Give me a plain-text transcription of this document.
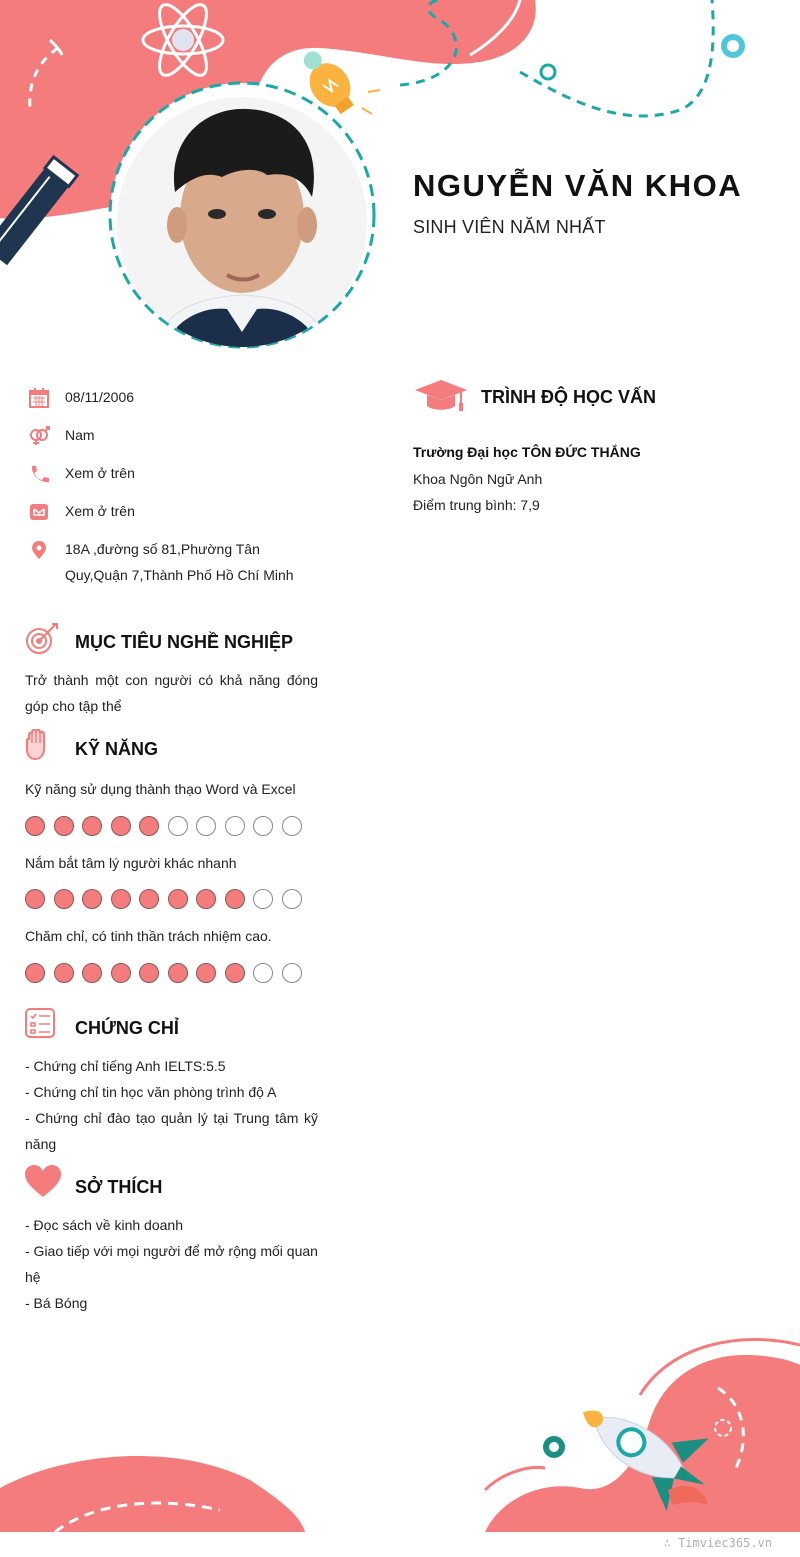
NGUYỄN VĂN KHOA
SINH VIÊN NĂM NHẤT
08/11/2006
Nam
Xem ở trên
Xem ở trên
18A ,đường số 81,Phường Tân Quy,Quận 7,Thành Phố Hồ Chí Minh
MỤC TIÊU NGHỀ NGHIỆP
Trở thành một con người có khả năng đóng góp cho tập thể
KỸ NĂNG
Kỹ năng sử dụng thành thạo Word và Excel
Nắm bắt tâm lý người khác nhanh
Chăm chỉ, có tinh thần trách nhiệm cao.
CHỨNG CHỈ
- Chứng chỉ tiếng Anh IELTS:5.5
- Chứng chỉ tin học văn phòng trình độ A
- Chứng chỉ đào tạo quản lý tại Trung tâm kỹ năng
SỞ THÍCH
- Đọc sách về kinh doanh
- Giao tiếp với mọi người để mở rộng mối quan hệ
- Bá Bóng
TRÌNH ĐỘ HỌC VẤN
Trường Đại học TÔN ĐỨC THẮNG
Khoa Ngôn Ngữ Anh
Điểm trung bình: 7,9
∴ Timviec365.vn
